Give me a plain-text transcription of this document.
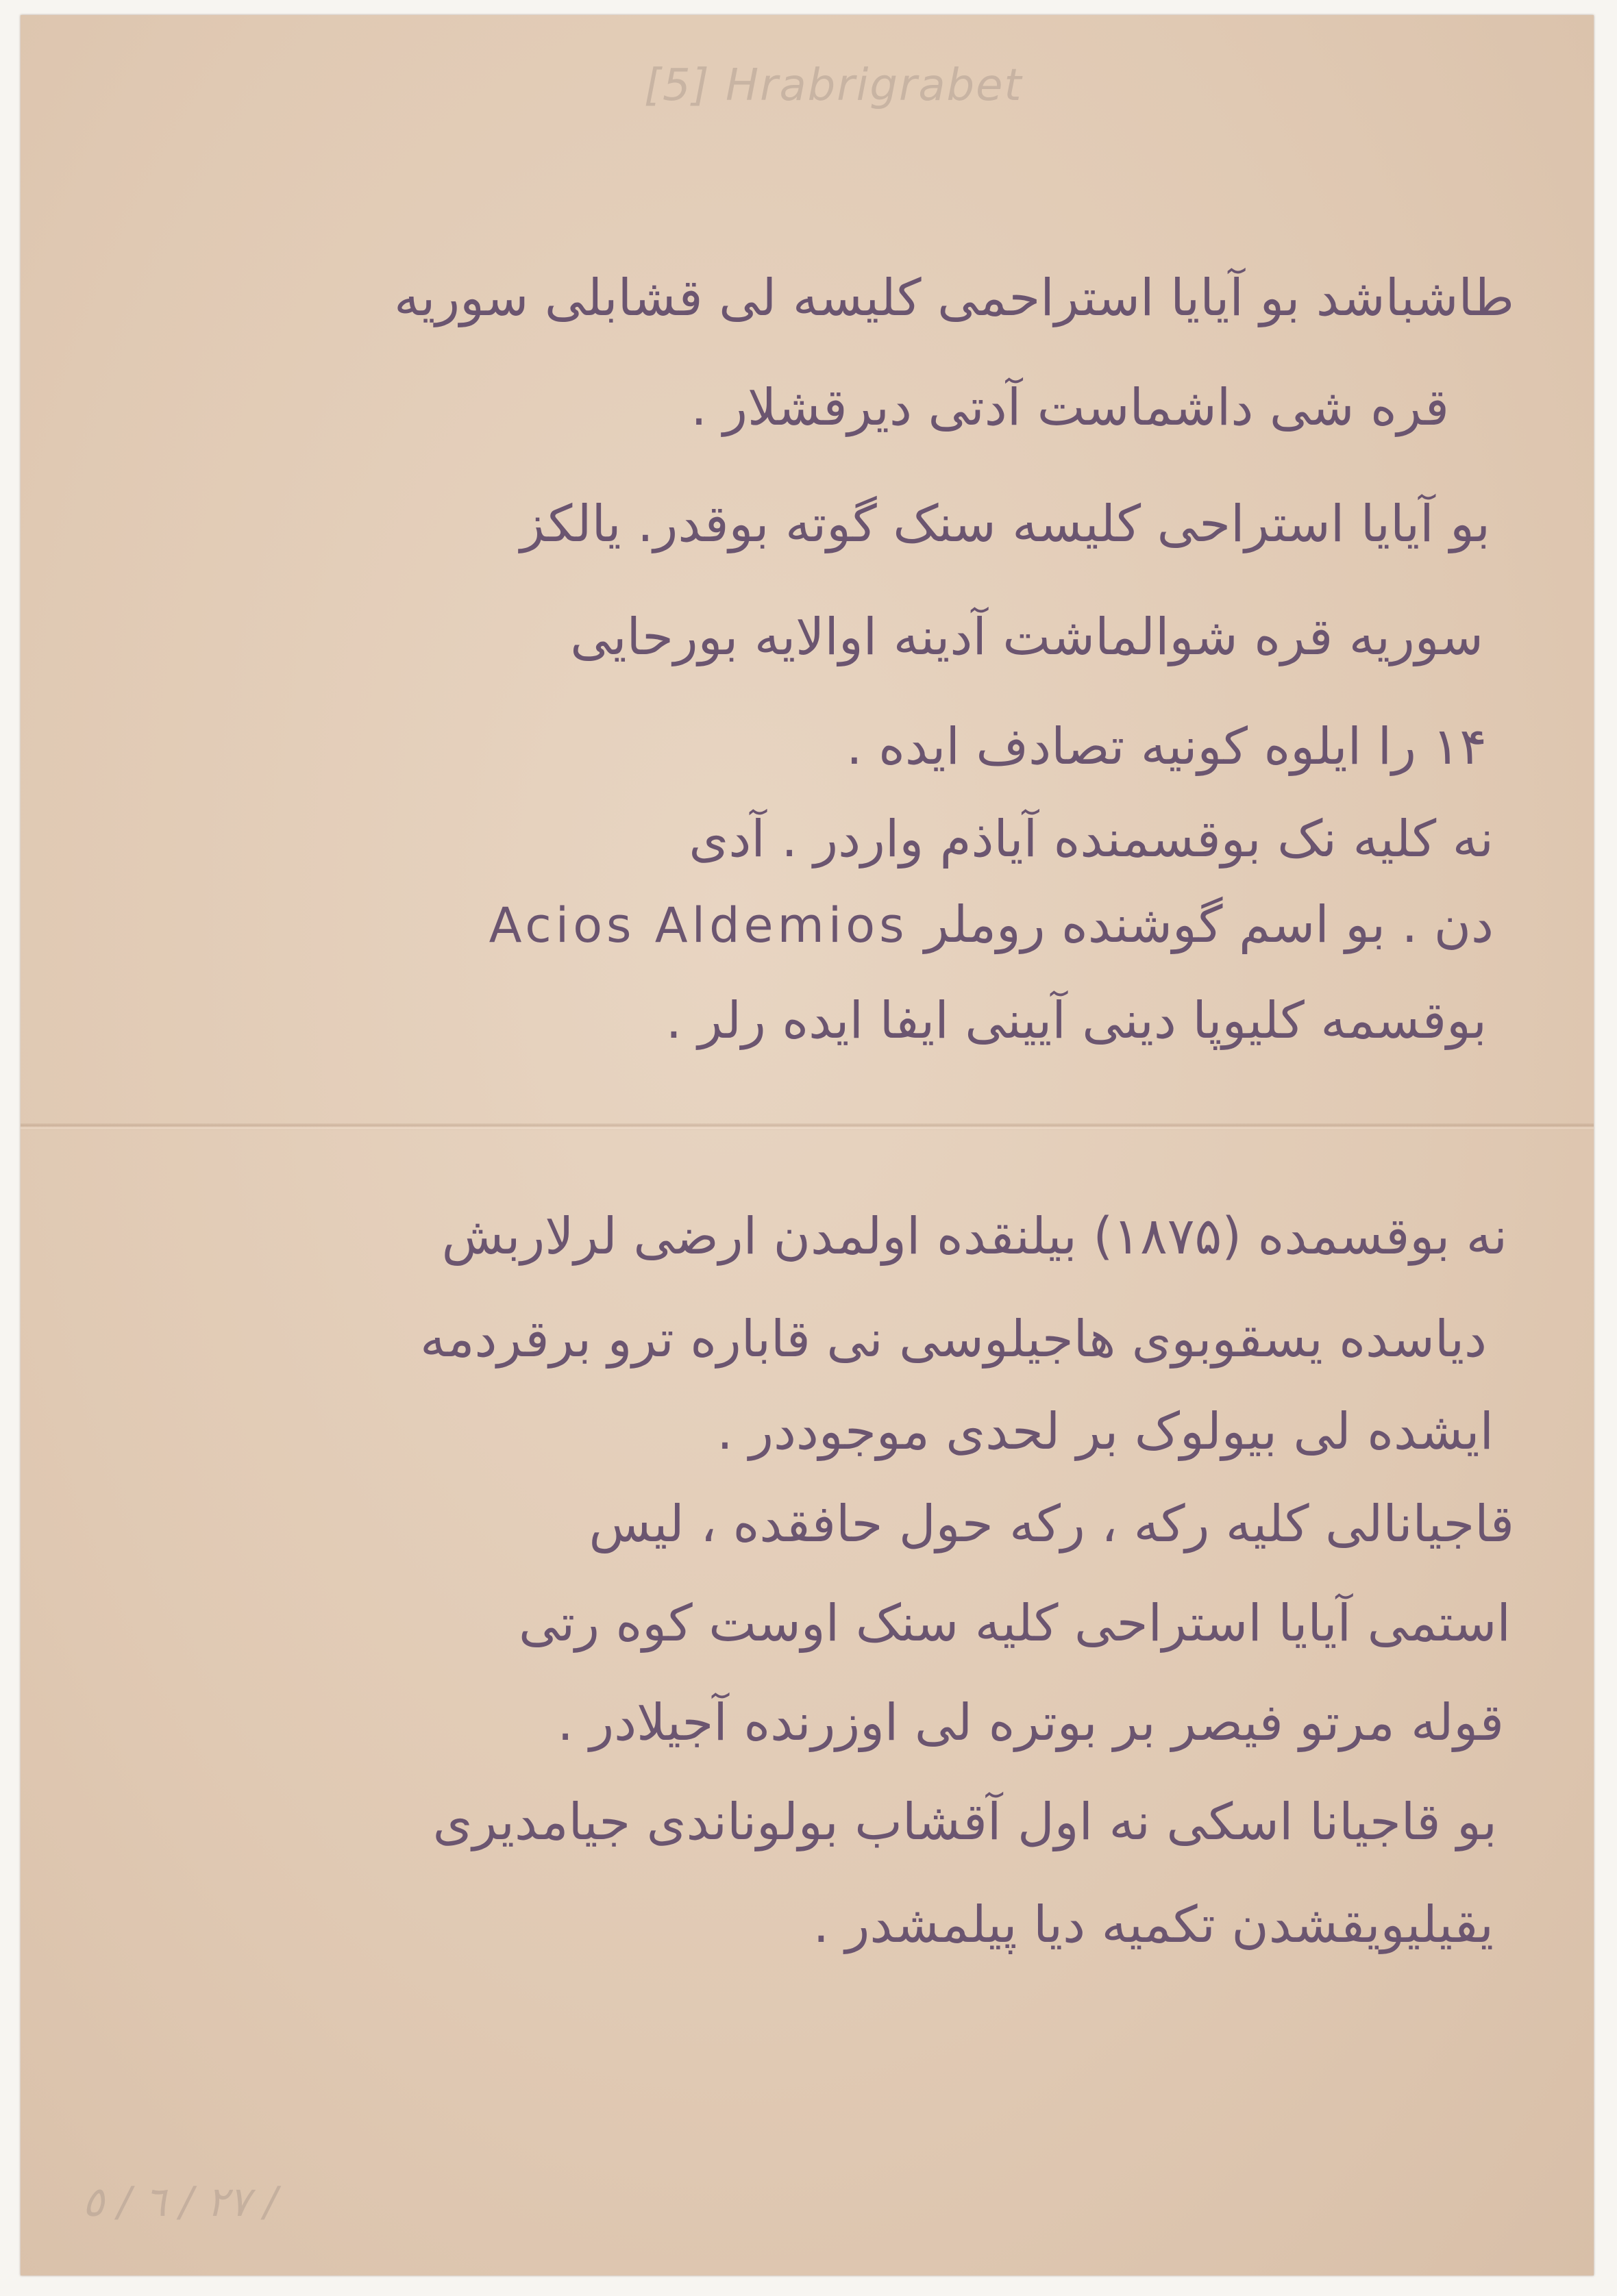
[5] Hrabrigrabet
/ ۲۷ / ٦ / ٥
طاشباشد بو آیایا استراحمی کلیسه لی قشابلی سوریه
قره شی داشماست آدتی دیرقشلار .
بو آیایا استراحی کلیسه سنک گوته بوقدر. یالکز
سوریه قره شوالماشت آدینه اوالایه بورحایی
۱۴ را ایلوه کونیه تصادف ایده .
نه کلیه نک بوقسمنده آیاذم واردر . آدی
دن . بو اسم گوشنده روملر Acios Aldemios
بوقسمه کلیوپا دینی آیینی ایفا ایده رلر .
نه بوقسمده (۱۸۷۵) بیلنقده اولمدن ارضی لرلاربش
دیاسده یسقوبوی هاجیلوسی نی قاباره ترو برقردمه
ایشده لی بیولوک بر لحدی موجوددر .
قاجیانالی کلیه رکه ، رکه حول حافقده ، لیس
استمی آیایا استراحی کلیه سنک اوست کوه رتی
قوله مرتو فیصر بر بوتره لی اوزرنده آجیلادر .
بو قاجیانا اسکی نه اول آقشاب بولوناندی جیامدیری
یقیلیویقشدن تکمیه دیا پیلمشدر .
